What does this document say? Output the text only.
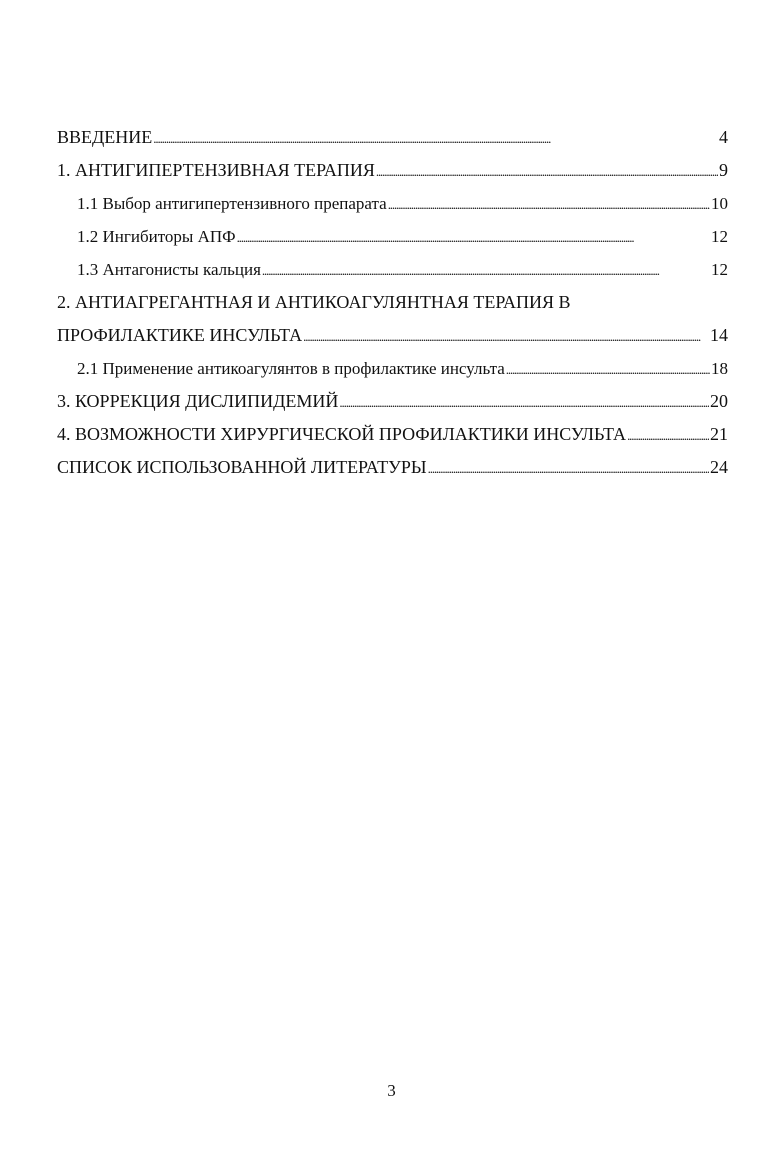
ВВЕДЕНИЕ . . .	4
1. АНТИГИПЕРТЕНЗИВНАЯ ТЕРАПИЯ . . .	9
1.1 Выбор антигипертензивного препарата . . .	10
1.2 Ингибиторы АПФ . . .	12
1.3 Антагонисты кальция . . .	12
2. АНТИАГРЕГАНТНАЯ И АНТИКОАГУЛЯНТНАЯ ТЕРАПИЯ В
ПРОФИЛАКТИКЕ ИНСУЛЬТА . . .	14
2.1 Применение антикоагулянтов в профилактике инсульта . . .	18
3. КОРРЕКЦИЯ ДИСЛИПИДЕМИЙ . . .	20
4. ВОЗМОЖНОСТИ ХИРУРГИЧЕСКОЙ ПРОФИЛАКТИКИ ИНСУЛЬТА . . .	21
СПИСОК ИСПОЛЬЗОВАННОЙ ЛИТЕРАТУРЫ . . .	24
3
